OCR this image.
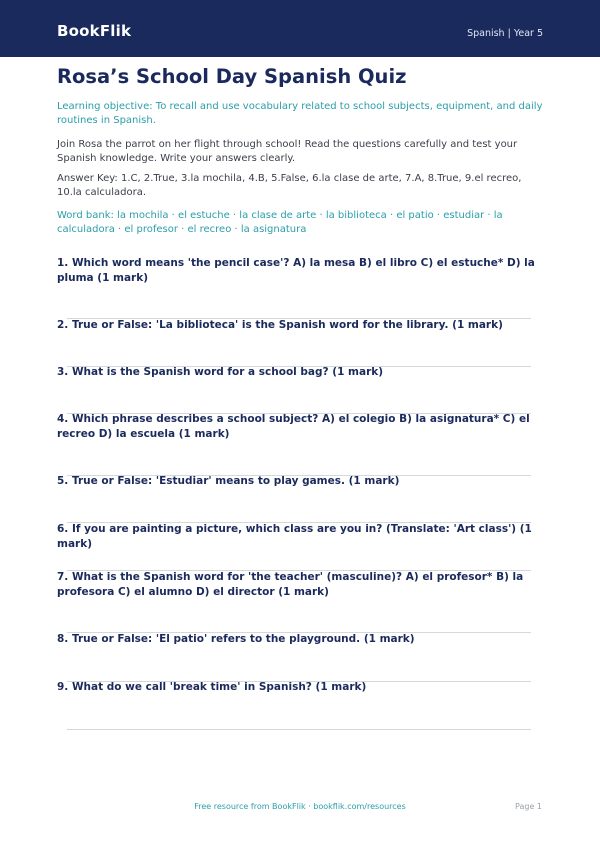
BookFlik	Spanish | Year 5
Rosa’s School Day Spanish Quiz
Learning objective: To recall and use vocabulary related to school subjects, equipment, and daily routines in Spanish.
Join Rosa the parrot on her flight through school! Read the questions carefully and test your Spanish knowledge. Write your answers clearly.
Answer Key: 1.C, 2.True, 3.la mochila, 4.B, 5.False, 6.la clase de arte, 7.A, 8.True, 9.el recreo, 10.la calculadora.
Word bank: la mochila · el estuche · la clase de arte · la biblioteca · el patio · estudiar · la calculadora · el profesor · el recreo · la asignatura
1. Which word means 'the pencil case'? A) la mesa B) el libro C) el estuche* D) la pluma (1 mark)
2. True or False: 'La biblioteca' is the Spanish word for the library. (1 mark)
3. What is the Spanish word for a school bag? (1 mark)
4. Which phrase describes a school subject? A) el colegio B) la asignatura* C) el recreo D) la escuela (1 mark)
5. True or False: 'Estudiar' means to play games. (1 mark)
6. If you are painting a picture, which class are you in? (Translate: 'Art class') (1 mark)
7. What is the Spanish word for 'the teacher' (masculine)? A) el profesor* B) la profesora C) el alumno D) el director (1 mark)
8. True or False: 'El patio' refers to the playground. (1 mark)
9. What do we call 'break time' in Spanish? (1 mark)
Free resource from BookFlik · bookflik.com/resources	Page 1
